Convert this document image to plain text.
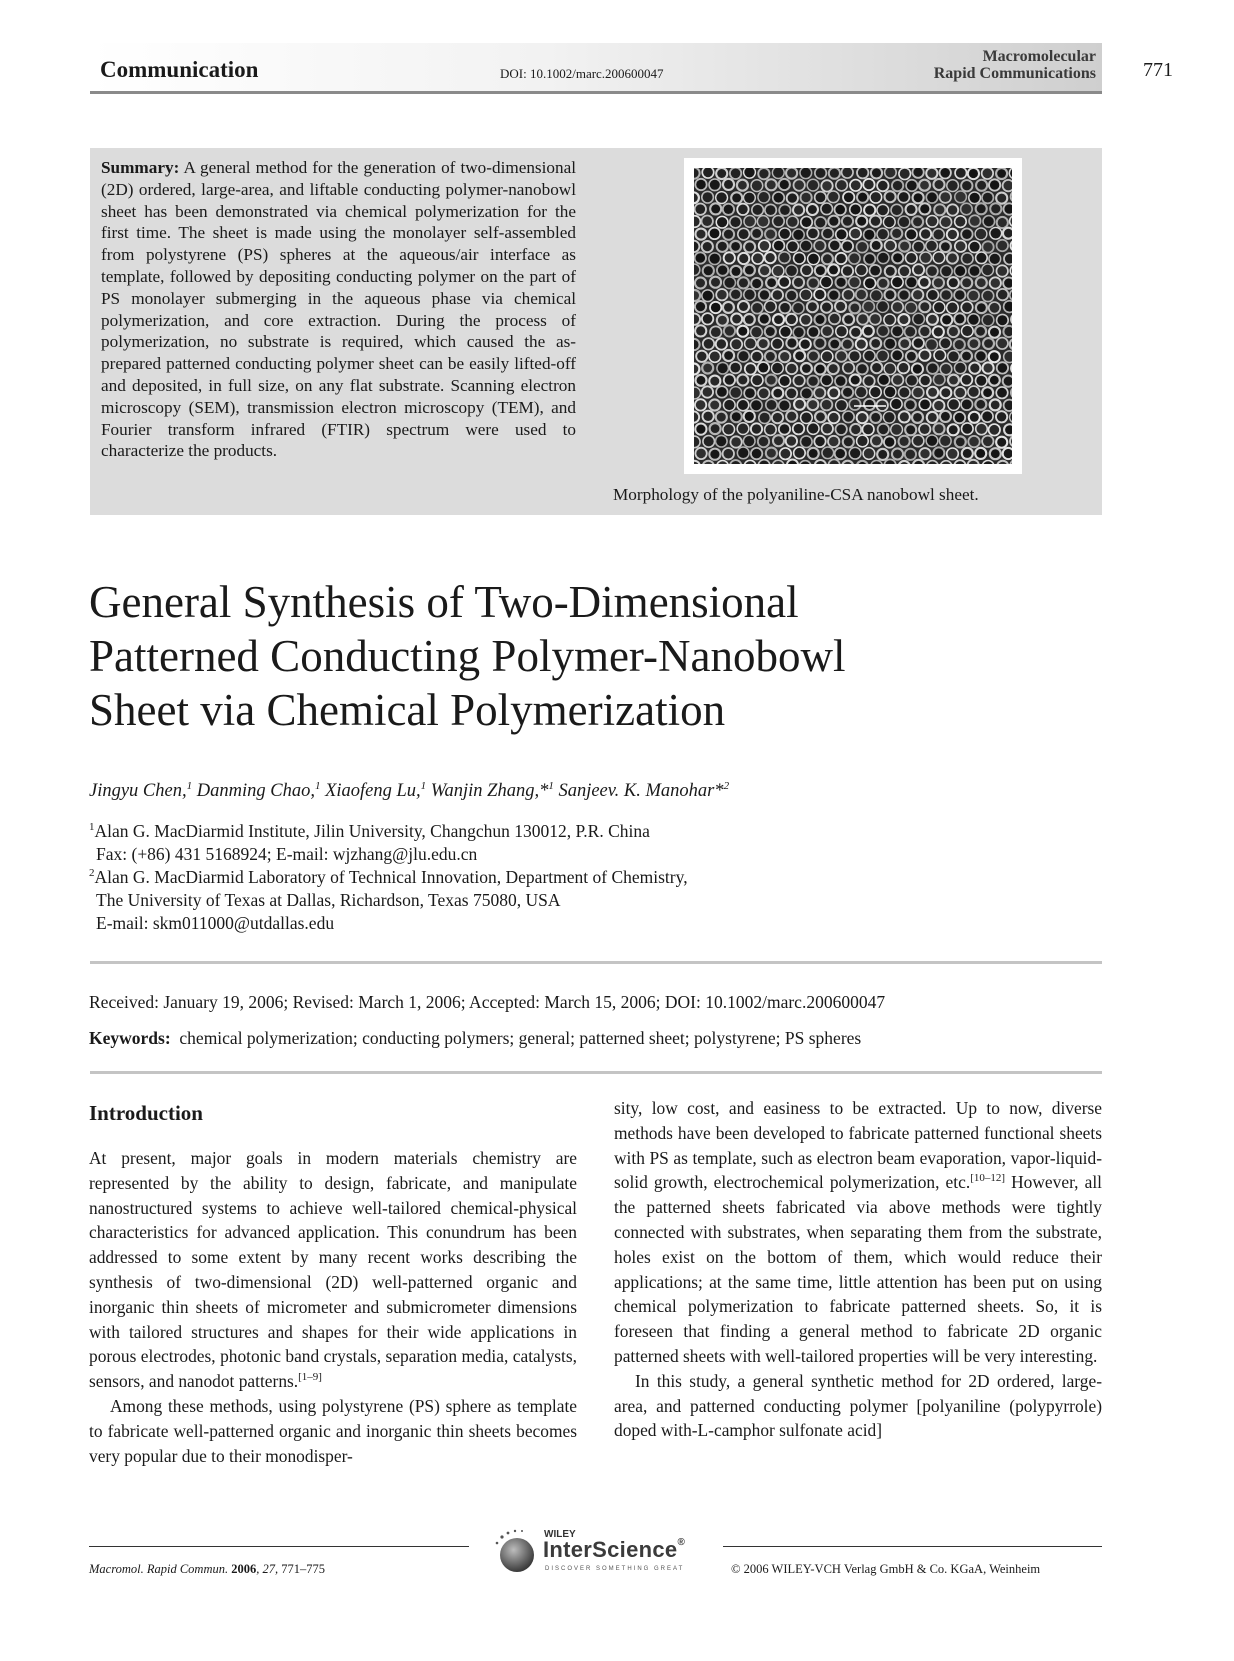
Communication	DOI: 10.1002/marc.200600047
Macromolecular
Rapid Communications 771
Summary: A general method for the generation of two-dimensional (2D) ordered, large-area, and liftable conducting polymer-nanobowl sheet has been demonstrated via chemical polymerization for the first time. The sheet is made using the monolayer self-assembled from polystyrene (PS) spheres at the aqueous/air interface as template, followed by depositing conducting polymer on the part of PS monolayer submerging in the aqueous phase via chemical polymerization, and core extraction. During the process of polymerization, no substrate is required, which caused the as-prepared patterned conducting polymer sheet can be easily lifted-off and deposited, in full size, on any flat substrate. Scanning electron microscopy (SEM), transmission electron microscopy (TEM), and Fourier transform infrared (FTIR) spectrum were used to characterize the products.
Morphology of the polyaniline-CSA nanobowl sheet.
General Synthesis of Two-Dimensional
Patterned Conducting Polymer-Nanobowl
Sheet via Chemical Polymerization
Jingyu Chen,$^1$ Danming Chao,$^1$ Xiaofeng Lu,$^1$ Wanjin Zhang,*$^1$ Sanjeev. K. Manohar*$^2$
$^1$Alan G. MacDiarmid Institute, Jilin University, Changchun 130012, P.R. China
Fax: (+86) 431 5168924; E-mail: wjzhang@jlu.edu.cn
$^2$Alan G. MacDiarmid Laboratory of Technical Innovation, Department of Chemistry,
The University of Texas at Dallas, Richardson, Texas 75080, USA
E-mail: skm011000@utdallas.edu
Received: January 19, 2006; Revised: March 1, 2006; Accepted: March 15, 2006; DOI: 10.1002/marc.200600047
Keywords: chemical polymerization; conducting polymers; general; patterned sheet; polystyrene; PS spheres
Introduction

At present, major goals in modern materials chemistry are represented by the ability to design, fabricate, and manipulate nanostructured systems to achieve well-tailored chemical-physical characteristics for advanced application. This conundrum has been addressed to some extent by many recent works describing the synthesis of two-dimensional (2D) well-patterned organic and inorganic thin sheets of micrometer and submicrometer dimensions with tailored structures and shapes for their wide applications in porous electrodes, photonic band crystals, separation media, catalysts, sensors, and nanodot patterns.[1–9]

Among these methods, using polystyrene (PS) sphere as template to fabricate well-patterned organic and inorganic thin sheets becomes very popular due to their monodisper-

sity, low cost, and easiness to be extracted. Up to now, diverse methods have been developed to fabricate patterned functional sheets with PS as template, such as electron beam evaporation, vapor-liquid-solid growth, electrochemical polymerization, etc.[10–12] However, all the patterned sheets fabricated via above methods were tightly connected with substrates, when separating them from the substrate, holes exist on the bottom of them, which would reduce their applications; at the same time, little attention has been put on using chemical polymerization to fabricate patterned sheets. So, it is foreseen that finding a general method to fabricate 2D organic patterned sheets with well-tailored properties will be very interesting.

In this study, a general synthetic method for 2D ordered, large-area, and patterned conducting polymer [polyaniline (polypyrrole) doped with-L-camphor sulfonate acid]

Macromol. Rapid Commun. 2006, 27, 771–775	© 2006 WILEY-VCH Verlag GmbH & Co. KGaA, Weinheim
WILEY
InterScience®
DISCOVER SOMETHING GREAT
